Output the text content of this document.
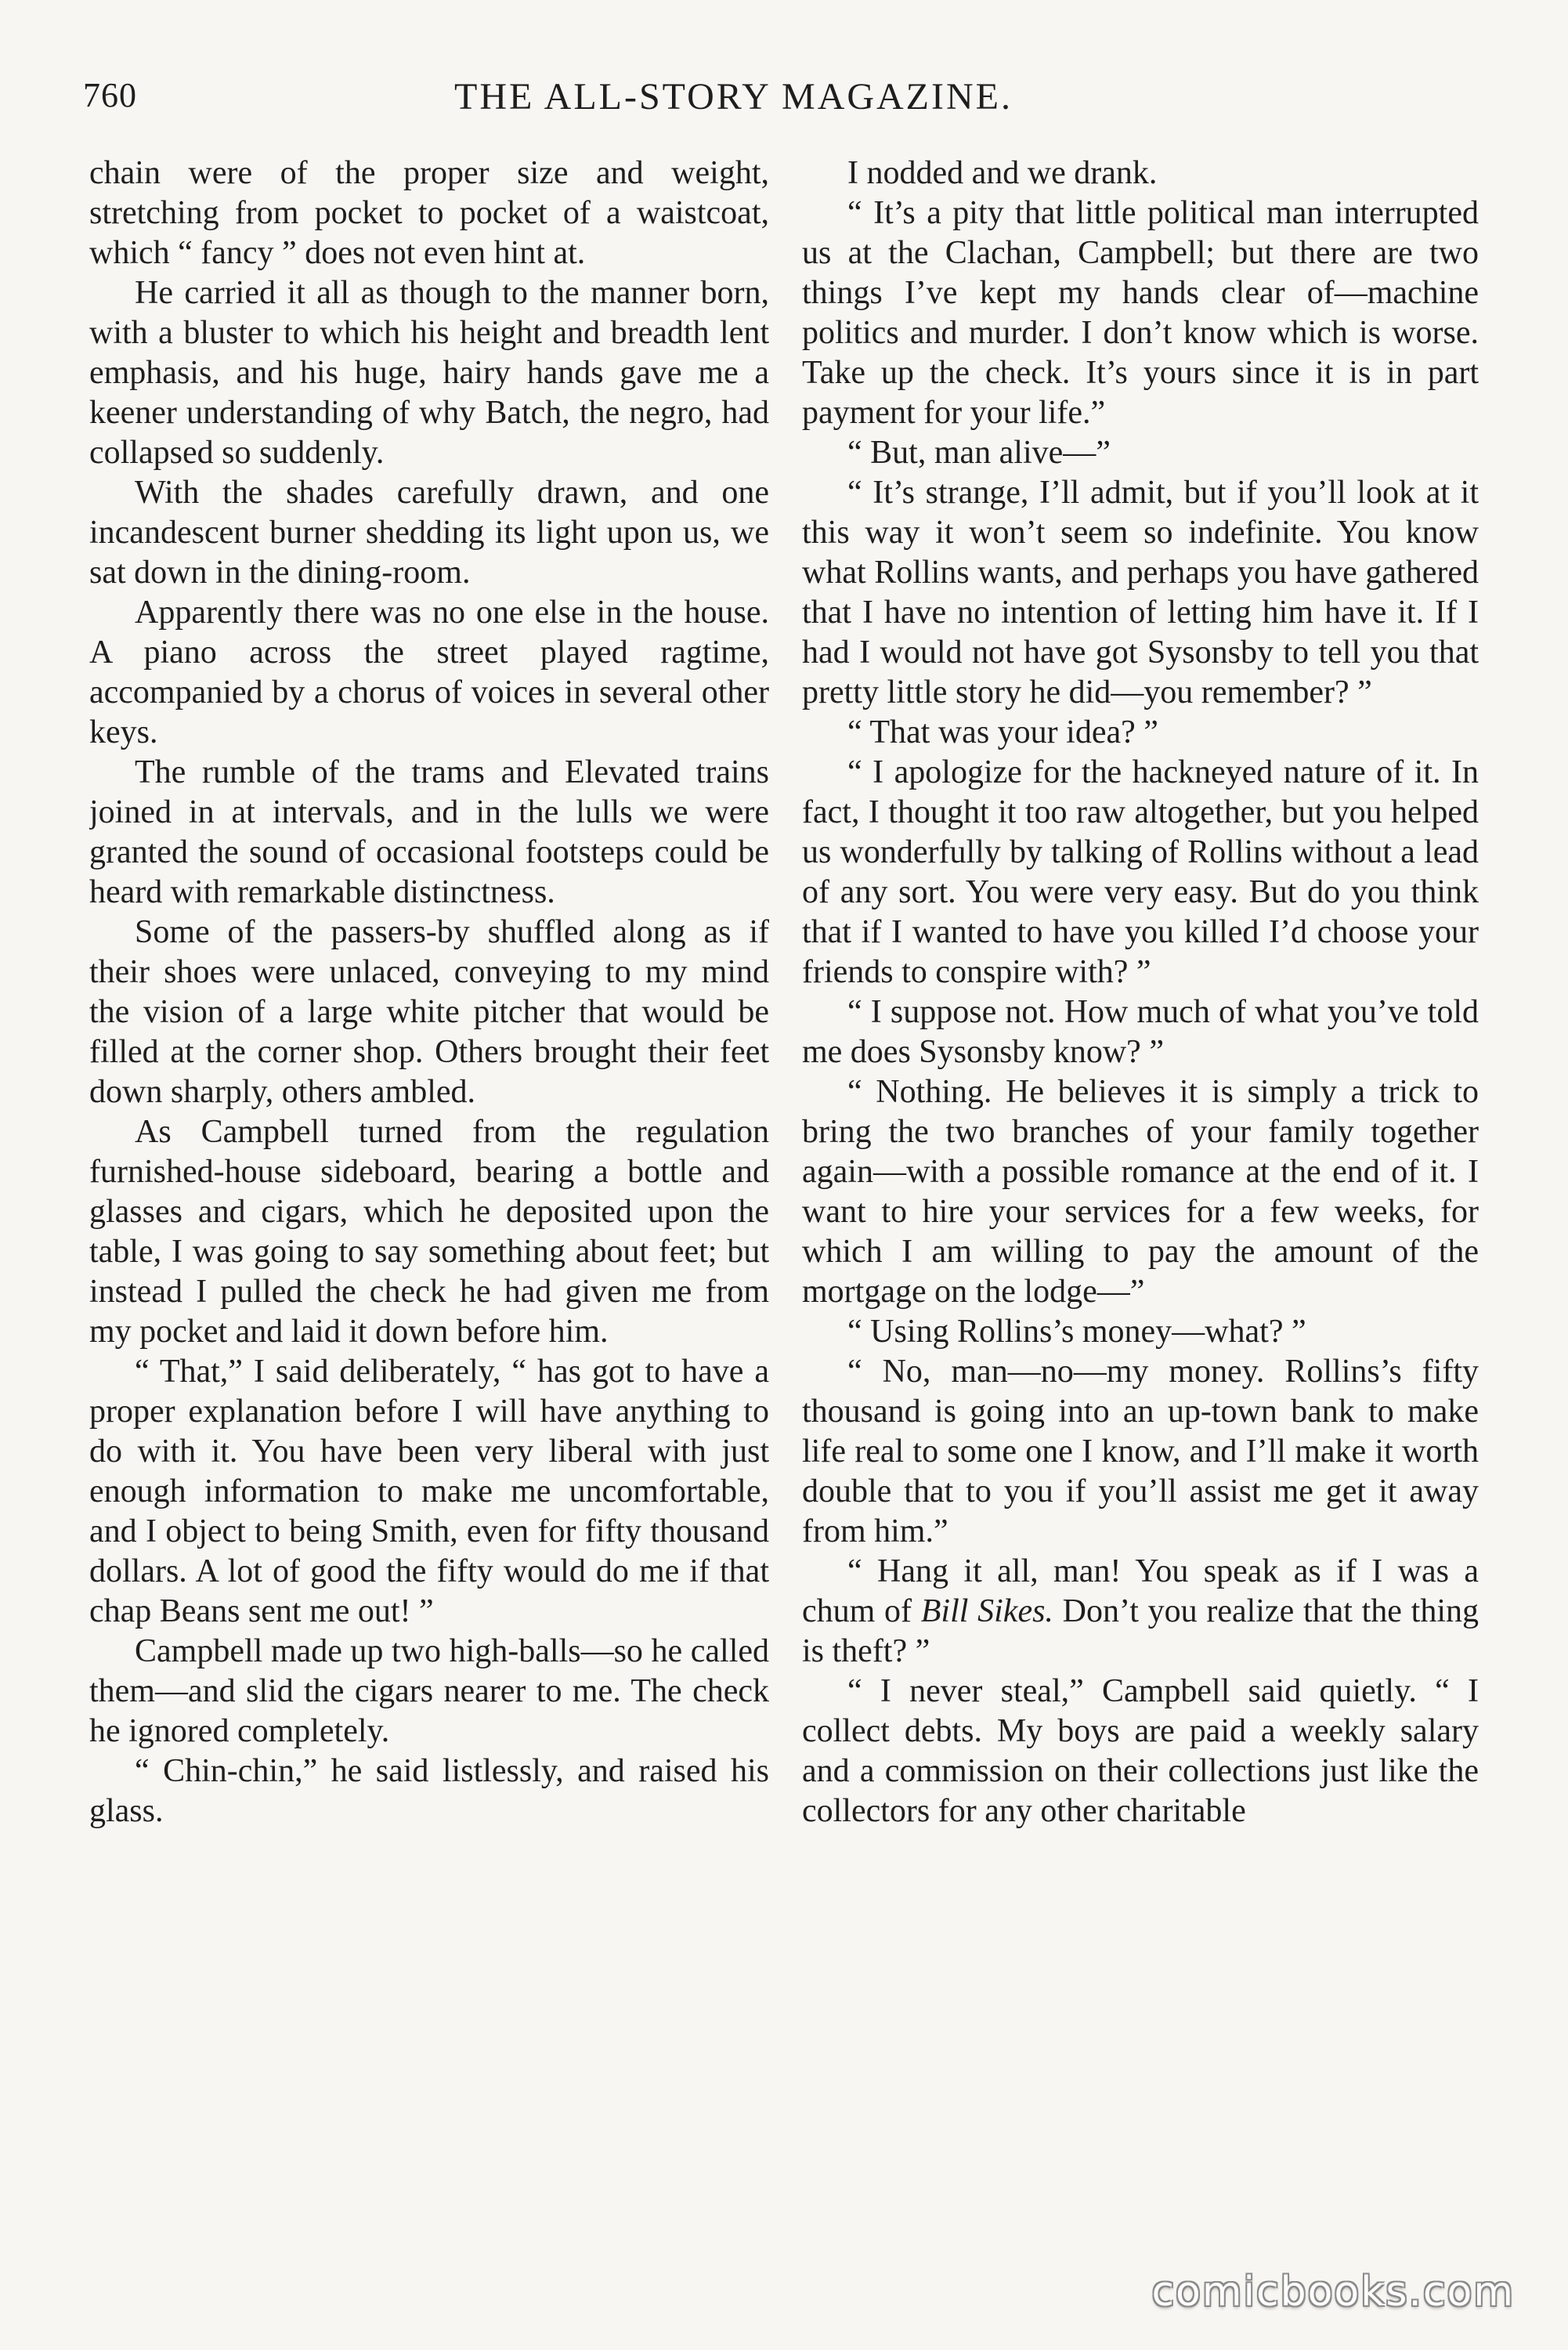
760	THE ALL-STORY MAGAZINE.

chain were of the proper size and weight, stretching from pocket to pocket of a waistcoat, which “ fancy ” does not even hint at.

He carried it all as though to the manner born, with a bluster to which his height and breadth lent emphasis, and his huge, hairy hands gave me a keener understanding of why Batch, the negro, had collapsed so suddenly.

With the shades carefully drawn, and one incandescent burner shedding its light upon us, we sat down in the dining-room.

Apparently there was no one else in the house. A piano across the street played ragtime, accompanied by a chorus of voices in several other keys.

The rumble of the trams and Elevated trains joined in at intervals, and in the lulls we were granted the sound of occasional footsteps could be heard with remarkable distinctness.

Some of the passers-by shuffled along as if their shoes were unlaced, conveying to my mind the vision of a large white pitcher that would be filled at the corner shop. Others brought their feet down sharply, others ambled.

As Campbell turned from the regulation furnished-house sideboard, bearing a bottle and glasses and cigars, which he deposited upon the table, I was going to say something about feet; but instead I pulled the check he had given me from my pocket and laid it down before him.

“ That,” I said deliberately, “ has got to have a proper explanation before I will have anything to do with it. You have been very liberal with just enough information to make me uncomfortable, and I object to being Smith, even for fifty thousand dollars. A lot of good the fifty would do me if that chap Beans sent me out! ”

Campbell made up two high-balls—so he called them—and slid the cigars nearer to me. The check he ignored completely.

“ Chin-chin,” he said listlessly, and raised his glass.

I nodded and we drank.

“ It’s a pity that little political man interrupted us at the Clachan, Campbell; but there are two things I’ve kept my hands clear of—machine politics and murder. I don’t know which is worse. Take up the check. It’s yours since it is in part payment for your life.”

“ But, man alive—”

“ It’s strange, I’ll admit, but if you’ll look at it this way it won’t seem so indefinite. You know what Rollins wants, and perhaps you have gathered that I have no intention of letting him have it. If I had I would not have got Sysonsby to tell you that pretty little story he did—you remember? ”

“ That was your idea? ”

“ I apologize for the hackneyed nature of it. In fact, I thought it too raw altogether, but you helped us wonderfully by talking of Rollins without a lead of any sort. You were very easy. But do you think that if I wanted to have you killed I’d choose your friends to conspire with? ”

“ I suppose not. How much of what you’ve told me does Sysonsby know? ”

“ Nothing. He believes it is simply a trick to bring the two branches of your family together again—with a possible romance at the end of it. I want to hire your services for a few weeks, for which I am willing to pay the amount of the mortgage on the lodge—”

“ Using Rollins’s money—what? ”

“ No, man—no—my money. Rollins’s fifty thousand is going into an up-town bank to make life real to some one I know, and I’ll make it worth double that to you if you’ll assist me get it away from him.”

“ Hang it all, man! You speak as if I was a chum of Bill Sikes. Don’t you realize that the thing is theft? ”

“ I never steal,” Campbell said quietly. “ I collect debts. My boys are paid a weekly salary and a commission on their collections just like the collectors for any other charitable

comicbooks.com
